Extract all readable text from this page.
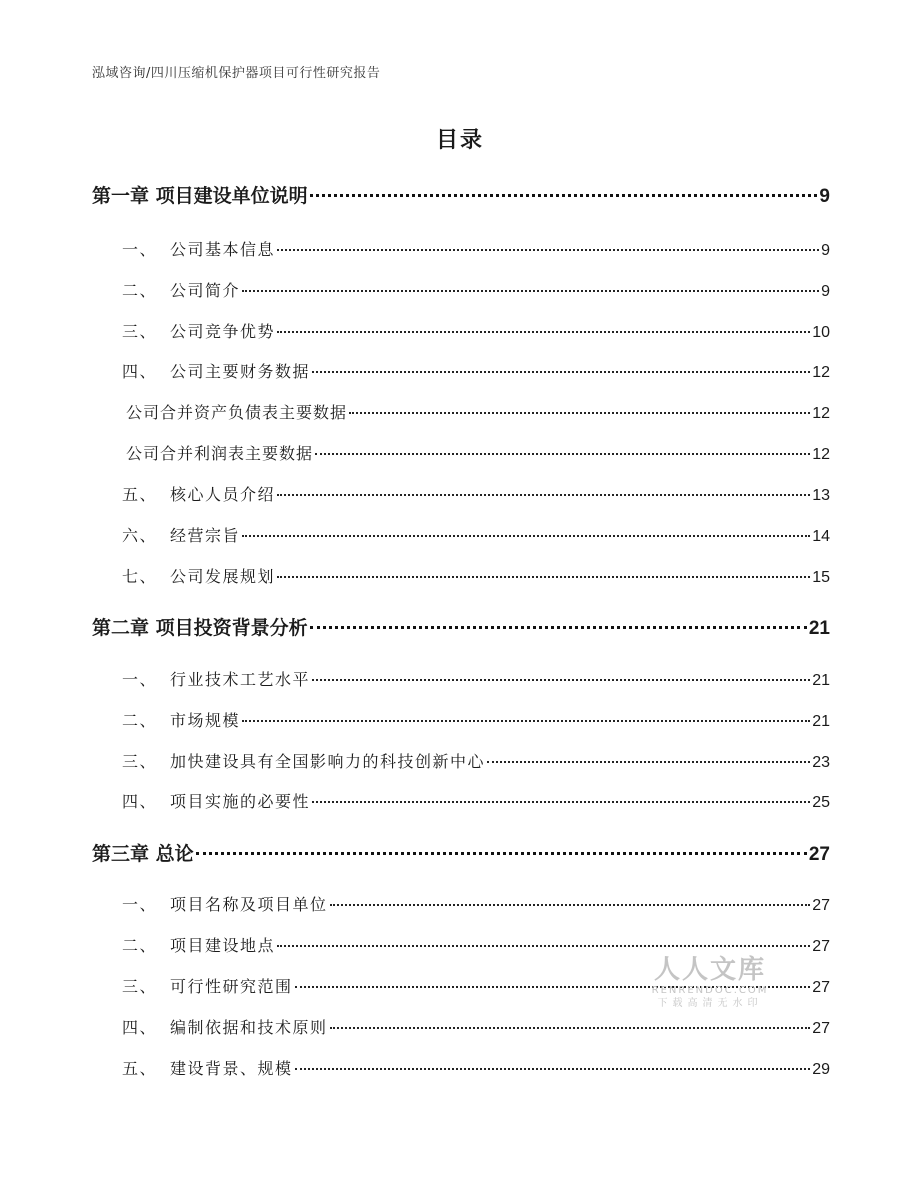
泓域咨询/四川压缩机保护器项目可行性研究报告
目录
第一章 项目建设单位说明	9
一、 公司基本信息	9
二、 公司简介	9
三、 公司竞争优势	10
四、 公司主要财务数据	12
公司合并资产负债表主要数据	12
公司合并利润表主要数据	12
五、 核心人员介绍	13
六、 经营宗旨	14
七、 公司发展规划	15
第二章 项目投资背景分析	21
一、 行业技术工艺水平	21
二、 市场规模	21
三、 加快建设具有全国影响力的科技创新中心	23
四、 项目实施的必要性	25
第三章 总论	27
一、 项目名称及项目单位	27
二、 项目建设地点	27
三、 可行性研究范围	27
四、 编制依据和技术原则	27
五、 建设背景、规模	29
人人文库
RENRENDOC.COM
下载高清无水印
